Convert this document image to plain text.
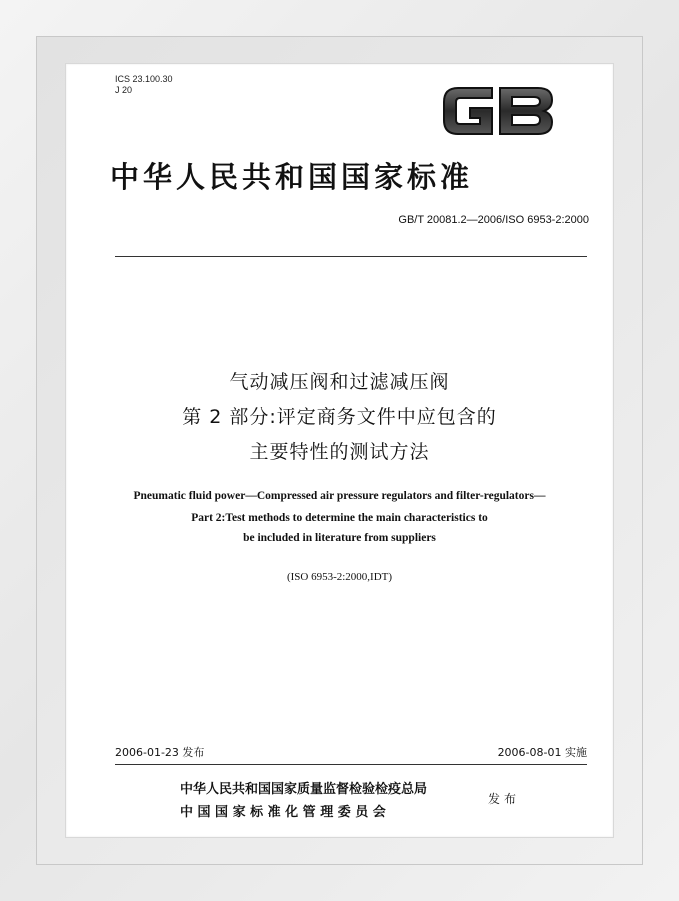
ICS 23.100.30
J 20
中华人民共和国国家标准
GB/T 20081.2—2006/ISO 6953-2:2000
气动减压阀和过滤减压阀
第 2 部分:评定商务文件中应包含的
主要特性的测试方法
Pneumatic fluid power—Compressed air pressure regulators and filter-regulators—
Part 2:Test methods to determine the main characteristics to
be included in literature from suppliers
(ISO 6953-2:2000,IDT)
2006-01-23 发布	2006-08-01 实施
中华人民共和国国家质量监督检验检疫总局
中 国 国 家 标 准 化 管 理 委 员 会
发布
